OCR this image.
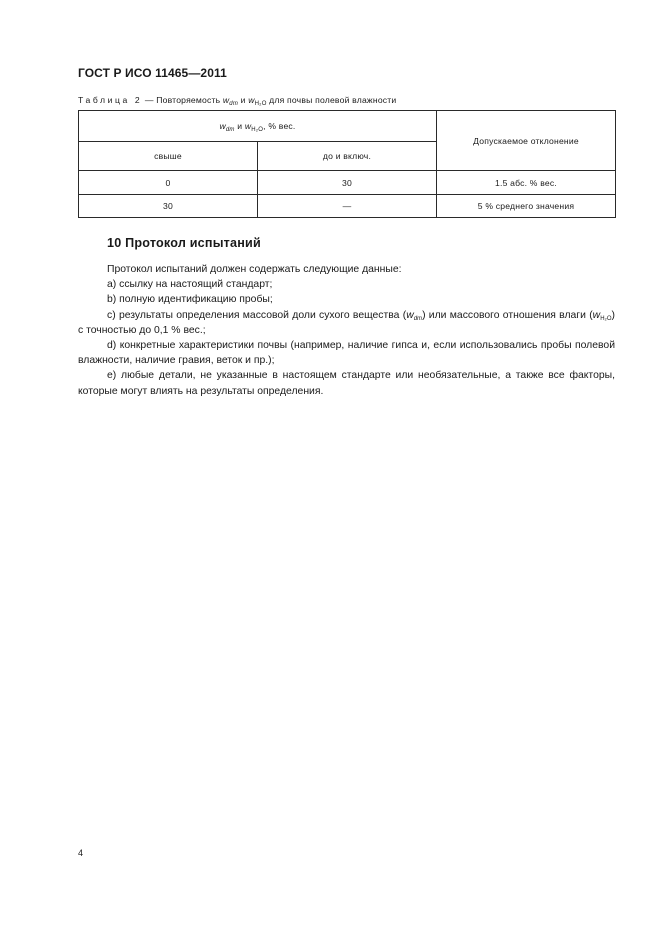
ГОСТ Р ИСО 11465—2011
Таблица 2 — Повторяемость $w_{dm}$ и $w_{H_2O}$ для почвы полевой влажности
$w_{dm}$ и $w_{H_2O}$, % вес.		Допускаемое отклонение
свыше	до и включ.	
0	30	1.5 абс. % вес.
30	—	5 % среднего значения
10 Протокол испытаний

Протокол испытаний должен содержать следующие данные:

а) ссылку на настоящий стандарт;

b) полную идентификацию пробы;

c) результаты определения массовой доли сухого вещества $(w_{dm})$ или массового отношения влаги $(w_{H_2O})$ с точностью до 0,1 % вес.;

d) конкретные характеристики почвы (например, наличие гипса и, если использовались пробы полевой влажности, наличие гравия, веток и пр.);

e) любые детали, не указанные в настоящем стандарте или необязательные, а также все факторы, которые могут влиять на результаты определения.

4
